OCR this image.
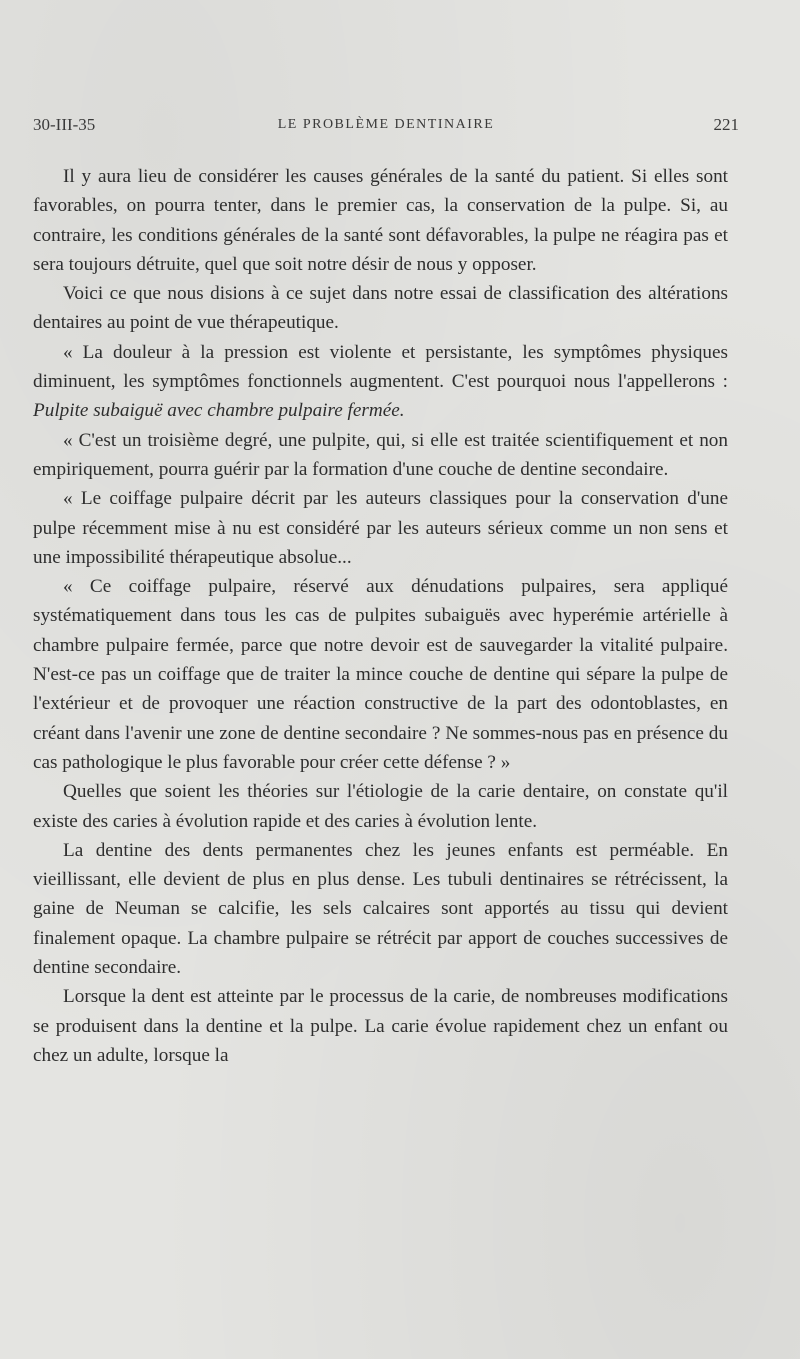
30-III-35	LE PROBLÈME DENTINAIRE	221

Il y aura lieu de considérer les causes générales de la santé du patient. Si elles sont favorables, on pourra tenter, dans le premier cas, la conservation de la pulpe. Si, au contraire, les conditions générales de la santé sont défavorables, la pulpe ne réagira pas et sera toujours détruite, quel que soit notre désir de nous y opposer.

Voici ce que nous disions à ce sujet dans notre essai de classification des altérations dentaires au point de vue thérapeutique.

« La douleur à la pression est violente et persistante, les symptômes physiques diminuent, les symptômes fonctionnels augmentent. C'est pourquoi nous l'appellerons : Pulpite subaiguë avec chambre pulpaire fermée.

« C'est un troisième degré, une pulpite, qui, si elle est traitée scientifiquement et non empiriquement, pourra guérir par la formation d'une couche de dentine secondaire.

« Le coiffage pulpaire décrit par les auteurs classiques pour la conservation d'une pulpe récemment mise à nu est considéré par les auteurs sérieux comme un non sens et une impossibilité thérapeutique absolue...

« Ce coiffage pulpaire, réservé aux dénudations pulpaires, sera appliqué systématiquement dans tous les cas de pulpites subaiguës avec hyperémie artérielle à chambre pulpaire fermée, parce que notre devoir est de sauvegarder la vitalité pulpaire. N'est-ce pas un coiffage que de traiter la mince couche de dentine qui sépare la pulpe de l'extérieur et de provoquer une réaction constructive de la part des odontoblastes, en créant dans l'avenir une zone de dentine secondaire ? Ne sommes-nous pas en présence du cas pathologique le plus favorable pour créer cette défense ? »

Quelles que soient les théories sur l'étiologie de la carie dentaire, on constate qu'il existe des caries à évolution rapide et des caries à évolution lente.

La dentine des dents permanentes chez les jeunes enfants est perméable. En vieillissant, elle devient de plus en plus dense. Les tubuli dentinaires se rétrécissent, la gaine de Neuman se calcifie, les sels calcaires sont apportés au tissu qui devient finalement opaque. La chambre pulpaire se rétrécit par apport de couches successives de dentine secondaire.

Lorsque la dent est atteinte par le processus de la carie, de nombreuses modifications se produisent dans la dentine et la pulpe. La carie évolue rapidement chez un enfant ou chez un adulte, lorsque la
